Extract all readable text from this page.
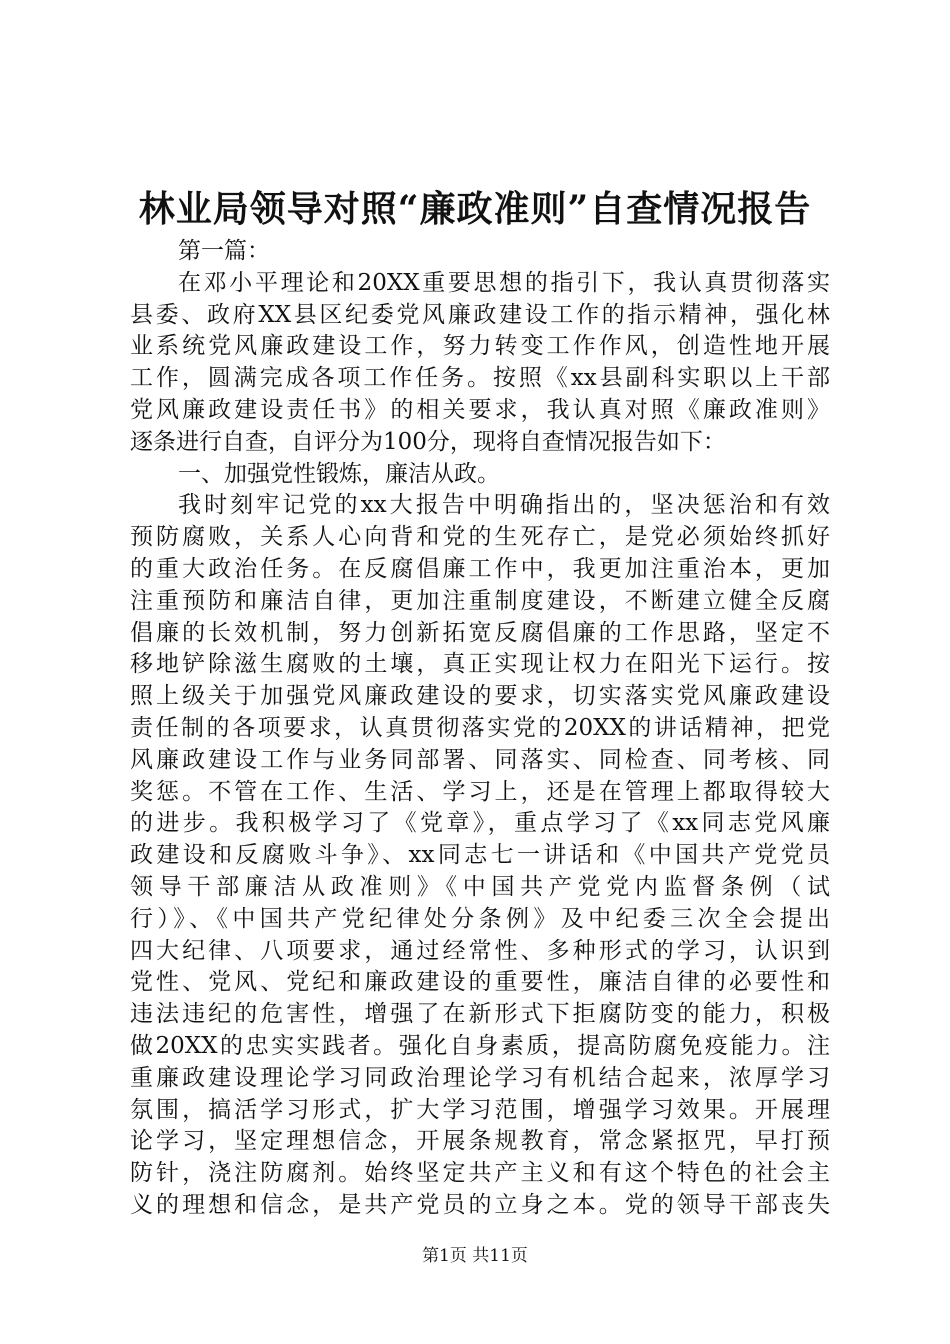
林业局领导对照“廉政准则”自查情况报告
第一篇：
在邓小平理论和20XX重要思想的指引下，我认真贯彻落实
县委、政府XX县区纪委党风廉政建设工作的指示精神，强化林
业系统党风廉政建设工作，努力转变工作作风，创造性地开展
工作，圆满完成各项工作任务。按照《xx县副科实职以上干部
党风廉政建设责任书》的相关要求，我认真对照《廉政准则》
逐条进行自查，自评分为100分，现将自查情况报告如下：
一、加强党性锻炼，廉洁从政。
我时刻牢记党的xx大报告中明确指出的，坚决惩治和有效
预防腐败，关系人心向背和党的生死存亡，是党必须始终抓好
的重大政治任务。在反腐倡廉工作中，我更加注重治本，更加
注重预防和廉洁自律，更加注重制度建设，不断建立健全反腐
倡廉的长效机制，努力创新拓宽反腐倡廉的工作思路，坚定不
移地铲除滋生腐败的土壤，真正实现让权力在阳光下运行。按
照上级关于加强党风廉政建设的要求，切实落实党风廉政建设
责任制的各项要求，认真贯彻落实党的20XX的讲话精神，把党
风廉政建设工作与业务同部署、同落实、同检查、同考核、同
奖惩。不管在工作、生活、学习上，还是在管理上都取得较大
的进步。我积极学习了《党章》，重点学习了《xx同志党风廉
政建设和反腐败斗争》、xx同志七一讲话和《中国共产党党员
领导干部廉洁从政准则》《中国共产党党内监督条例（试
行）》、《中国共产党纪律处分条例》及中纪委三次全会提出
四大纪律、八项要求，通过经常性、多种形式的学习，认识到
党性、党风、党纪和廉政建设的重要性，廉洁自律的必要性和
违法违纪的危害性，增强了在新形式下拒腐防变的能力，积极
做20XX的忠实实践者。强化自身素质，提高防腐免疫能力。注
重廉政建设理论学习同政治理论学习有机结合起来，浓厚学习
氛围，搞活学习形式，扩大学习范围，增强学习效果。开展理
论学习，坚定理想信念，开展条规教育，常念紧抠咒，早打预
防针，浇注防腐剂。始终坚定共产主义和有这个特色的社会主
义的理想和信念，是共产党员的立身之本。党的领导干部丧失
第1页 共11页
